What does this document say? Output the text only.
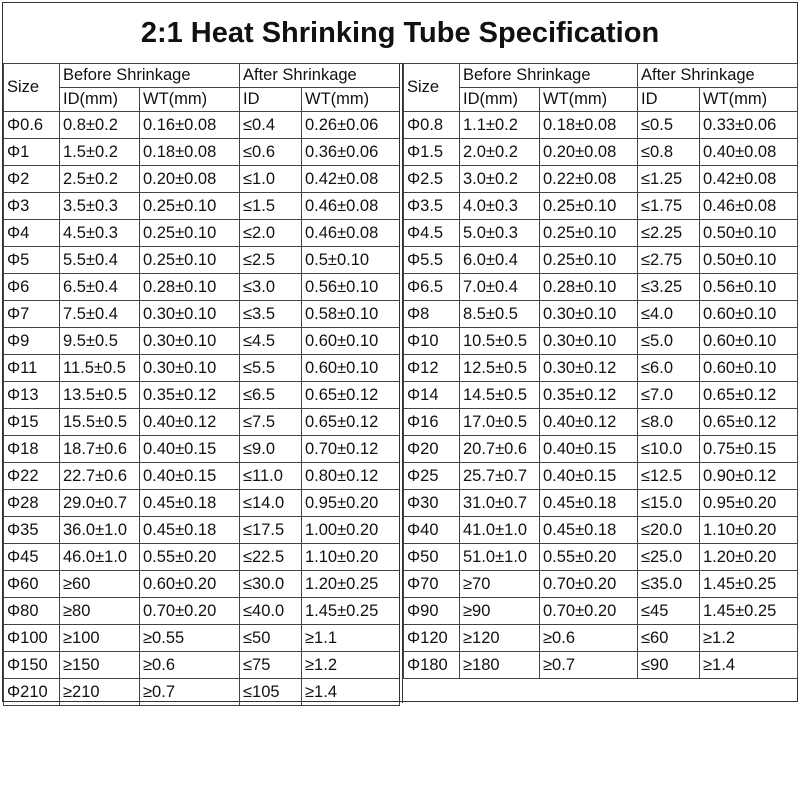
2:1 Heat Shrinking Tube Specification
Size	Before Shrinkage		After Shrinkage	
	ID(mm)	WT(mm)	ID	WT(mm)
Φ0.6	0.8±0.2	0.16±0.08	≤0.4	0.26±0.06
Φ1	1.5±0.2	0.18±0.08	≤0.6	0.36±0.06
Φ2	2.5±0.2	0.20±0.08	≤1.0	0.42±0.08
Φ3	3.5±0.3	0.25±0.10	≤1.5	0.46±0.08
Φ4	4.5±0.3	0.25±0.10	≤2.0	0.46±0.08
Φ5	5.5±0.4	0.25±0.10	≤2.5	0.5±0.10
Φ6	6.5±0.4	0.28±0.10	≤3.0	0.56±0.10
Φ7	7.5±0.4	0.30±0.10	≤3.5	0.58±0.10
Φ9	9.5±0.5	0.30±0.10	≤4.5	0.60±0.10
Φ11	11.5±0.5	0.30±0.10	≤5.5	0.60±0.10
Φ13	13.5±0.5	0.35±0.12	≤6.5	0.65±0.12
Φ15	15.5±0.5	0.40±0.12	≤7.5	0.65±0.12
Φ18	18.7±0.6	0.40±0.15	≤9.0	0.70±0.12
Φ22	22.7±0.6	0.40±0.15	≤11.0	0.80±0.12
Φ28	29.0±0.7	0.45±0.18	≤14.0	0.95±0.20
Φ35	36.0±1.0	0.45±0.18	≤17.5	1.00±0.20
Φ45	46.0±1.0	0.55±0.20	≤22.5	1.10±0.20
Φ60	≥60	0.60±0.20	≤30.0	1.20±0.25
Φ80	≥80	0.70±0.20	≤40.0	1.45±0.25
Φ100	≥100	≥0.55	≤50	≥1.1
Φ150	≥150	≥0.6	≤75	≥1.2
Φ210	≥210	≥0.7	≤105	≥1.4
Size	Before Shrinkage		After Shrinkage	
	ID(mm)	WT(mm)	ID	WT(mm)
Φ0.8	1.1±0.2	0.18±0.08	≤0.5	0.33±0.06
Φ1.5	2.0±0.2	0.20±0.08	≤0.8	0.40±0.08
Φ2.5	3.0±0.2	0.22±0.08	≤1.25	0.42±0.08
Φ3.5	4.0±0.3	0.25±0.10	≤1.75	0.46±0.08
Φ4.5	5.0±0.3	0.25±0.10	≤2.25	0.50±0.10
Φ5.5	6.0±0.4	0.25±0.10	≤2.75	0.50±0.10
Φ6.5	7.0±0.4	0.28±0.10	≤3.25	0.56±0.10
Φ8	8.5±0.5	0.30±0.10	≤4.0	0.60±0.10
Φ10	10.5±0.5	0.30±0.10	≤5.0	0.60±0.10
Φ12	12.5±0.5	0.30±0.12	≤6.0	0.60±0.10
Φ14	14.5±0.5	0.35±0.12	≤7.0	0.65±0.12
Φ16	17.0±0.5	0.40±0.12	≤8.0	0.65±0.12
Φ20	20.7±0.6	0.40±0.15	≤10.0	0.75±0.15
Φ25	25.7±0.7	0.40±0.15	≤12.5	0.90±0.12
Φ30	31.0±0.7	0.45±0.18	≤15.0	0.95±0.20
Φ40	41.0±1.0	0.45±0.18	≤20.0	1.10±0.20
Φ50	51.0±1.0	0.55±0.20	≤25.0	1.20±0.20
Φ70	≥70	0.70±0.20	≤35.0	1.45±0.25
Φ90	≥90	0.70±0.20	≤45	1.45±0.25
Φ120	≥120	≥0.6	≤60	≥1.2
Φ180	≥180	≥0.7	≤90	≥1.4
